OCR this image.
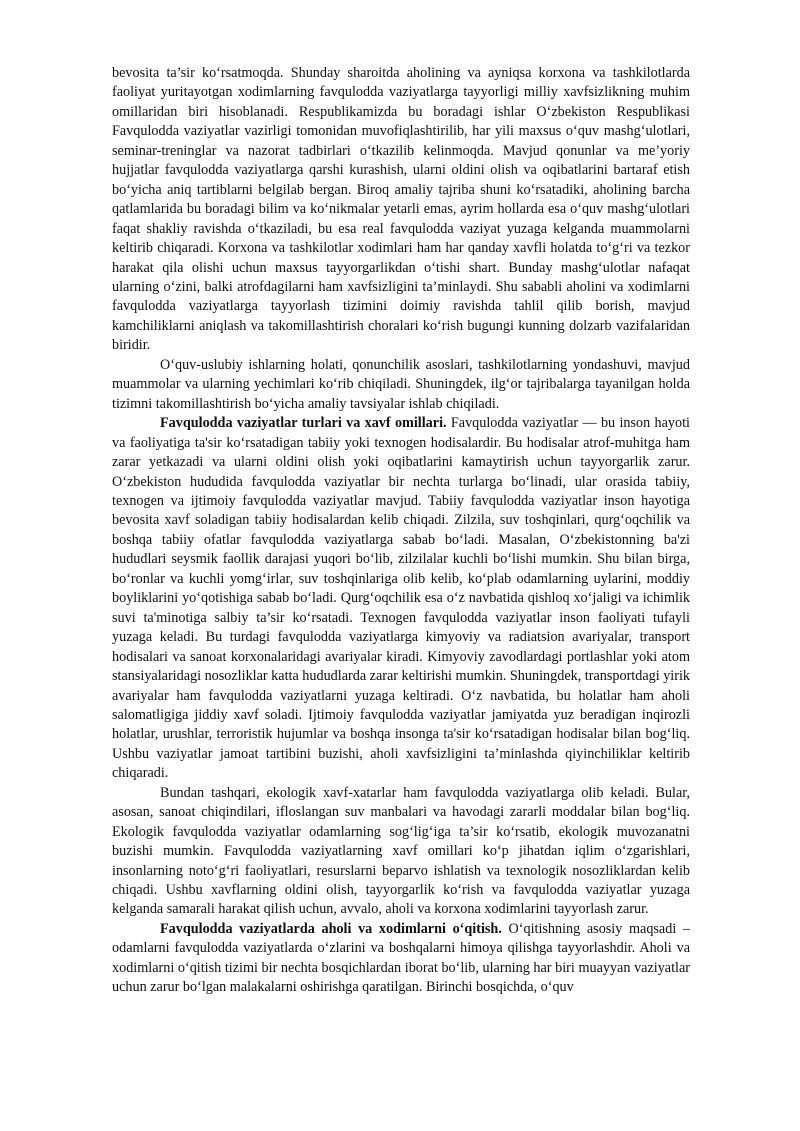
bevosita ta’sir ko‘rsatmoqda. Shunday sharoitda aholining va ayniqsa korxona va tashkilotlarda faoliyat yuritayotgan xodimlarning favqulodda vaziyatlarga tayyorligi milliy xavfsizlikning muhim omillaridan biri hisoblanadi. Respublikamizda bu boradagi ishlar O‘zbekiston Respublikasi Favqulodda vaziyatlar vazirligi tomonidan muvofiqlashtirilib, har yili maxsus o‘quv mashg‘ulotlari, seminar-treninglar va nazorat tadbirlari o‘tkazilib kelinmoqda. Mavjud qonunlar va me’yoriy hujjatlar favqulodda vaziyatlarga qarshi kurashish, ularni oldini olish va oqibatlarini bartaraf etish bo‘yicha aniq tartiblarni belgilab bergan. Biroq amaliy tajriba shuni ko‘rsatadiki, aholining barcha qatlamlarida bu boradagi bilim va ko‘nikmalar yetarli emas, ayrim hollarda esa o‘quv mashg‘ulotlari faqat shakliy ravishda o‘tkaziladi, bu esa real favqulodda vaziyat yuzaga kelganda muammolarni keltirib chiqaradi. Korxona va tashkilotlar xodimlari ham har qanday xavfli holatda to‘g‘ri va tezkor harakat qila olishi uchun maxsus tayyorgarlikdan o‘tishi shart. Bunday mashg‘ulotlar nafaqat ularning o‘zini, balki atrofdagilarni ham xavfsizligini ta’minlaydi. Shu sababli aholini va xodimlarni favqulodda vaziyatlarga tayyorlash tizimini doimiy ravishda tahlil qilib borish, mavjud kamchiliklarni aniqlash va takomillashtirish choralari ko‘rish bugungi kunning dolzarb vazifalaridan biridir.

O‘quv-uslubiy ishlarning holati, qonunchilik asoslari, tashkilotlarning yondashuvi, mavjud muammolar va ularning yechimlari ko‘rib chiqiladi. Shuningdek, ilg‘or tajribalarga tayanilgan holda tizimni takomillashtirish bo‘yicha amaliy tavsiyalar ishlab chiqiladi.

Favqulodda vaziyatlar turlari va xavf omillari. Favqulodda vaziyatlar — bu inson hayoti va faoliyatiga ta'sir ko‘rsatadigan tabiiy yoki texnogen hodisalardir. Bu hodisalar atrof-muhitga ham zarar yetkazadi va ularni oldini olish yoki oqibatlarini kamaytirish uchun tayyorgarlik zarur. O‘zbekiston hududida favqulodda vaziyatlar bir nechta turlarga bo‘linadi, ular orasida tabiiy, texnogen va ijtimoiy favqulodda vaziyatlar mavjud. Tabiiy favqulodda vaziyatlar inson hayotiga bevosita xavf soladigan tabiiy hodisalardan kelib chiqadi. Zilzila, suv toshqinlari, qurg‘oqchilik va boshqa tabiiy ofatlar favqulodda vaziyatlarga sabab bo‘ladi. Masalan, O‘zbekistonning ba'zi hududlari seysmik faollik darajasi yuqori bo‘lib, zilzilalar kuchli bo‘lishi mumkin. Shu bilan birga, bo‘ronlar va kuchli yomg‘irlar, suv toshqinlariga olib kelib, ko‘plab odamlarning uylarini, moddiy boyliklarini yo‘qotishiga sabab bo‘ladi. Qurg‘oqchilik esa o‘z navbatida qishloq xo‘jaligi va ichimlik suvi ta'minotiga salbiy ta’sir ko‘rsatadi. Texnogen favqulodda vaziyatlar inson faoliyati tufayli yuzaga keladi. Bu turdagi favqulodda vaziyatlarga kimyoviy va radiatsion avariyalar, transport hodisalari va sanoat korxonalaridagi avariyalar kiradi. Kimyoviy zavodlardagi portlashlar yoki atom stansiyalaridagi nosozliklar katta hududlarda zarar keltirishi mumkin. Shuningdek, transportdagi yirik avariyalar ham favqulodda vaziyatlarni yuzaga keltiradi. O‘z navbatida, bu holatlar ham aholi salomatligiga jiddiy xavf soladi. Ijtimoiy favqulodda vaziyatlar jamiyatda yuz beradigan inqirozli holatlar, urushlar, terroristik hujumlar va boshqa insonga ta'sir ko‘rsatadigan hodisalar bilan bog‘liq. Ushbu vaziyatlar jamoat tartibini buzishi, aholi xavfsizligini ta’minlashda qiyinchiliklar keltirib chiqaradi.

Bundan tashqari, ekologik xavf-xatarlar ham favqulodda vaziyatlarga olib keladi. Bular, asosan, sanoat chiqindilari, ifloslangan suv manbalari va havodagi zararli moddalar bilan bog‘liq. Ekologik favqulodda vaziyatlar odamlarning sog‘lig‘iga ta’sir ko‘rsatib, ekologik muvozanatni buzishi mumkin. Favqulodda vaziyatlarning xavf omillari ko‘p jihatdan iqlim o‘zgarishlari, insonlarning noto‘g‘ri faoliyatlari, resurslarni beparvo ishlatish va texnologik nosozliklardan kelib chiqadi. Ushbu xavflarning oldini olish, tayyorgarlik ko‘rish va favqulodda vaziyatlar yuzaga kelganda samarali harakat qilish uchun, avvalo, aholi va korxona xodimlarini tayyorlash zarur.

Favqulodda vaziyatlarda aholi va xodimlarni o‘qitish. O‘qitishning asosiy maqsadi – odamlarni favqulodda vaziyatlarda o‘zlarini va boshqalarni himoya qilishga tayyorlashdir. Aholi va xodimlarni o‘qitish tizimi bir nechta bosqichlardan iborat bo‘lib, ularning har biri muayyan vaziyatlar uchun zarur bo‘lgan malakalarni oshirishga qaratilgan. Birinchi bosqichda, o‘quv
